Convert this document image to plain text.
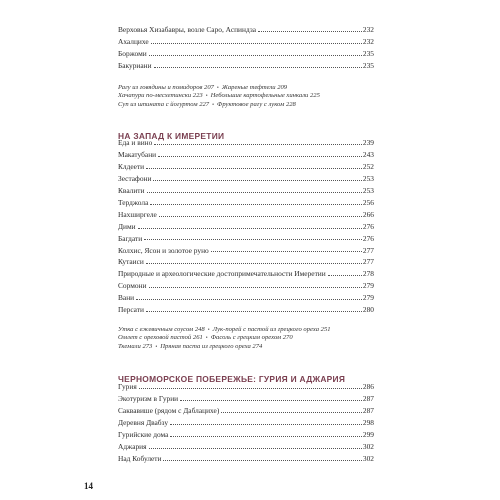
Верховья Хизабавры, возле Саро, Аспиндза	232
Ахалцихе	232
Боржоми	235
Бакуриани	235
Рагу из говядины и помидоров 207 • Жареные тефтели 209
Хачапури по-месхетински 223 • Небольшие картофельные хинкали 225
Суп из шпината с йогуртом 227 • Фруктовое рагу с луком 228
НА ЗАПАД К ИМЕРЕТИИ
Еда и вино	239
Макатубани	243
Клдеети	252
Зестафони	253
Квалити	253
Терджола	256
Нахширгеле	266
Дими	276
Багдати	276
Колхис, Ясон и золотое руно	277
Кутаиси	277
Природные и археологические достопримечательности Имеретии	278
Сормони	279
Вани	279
Персати	280
Утка с ежевичным соусом 248 • Лук-порей с пастой из грецкого ореха 251
Омлет с ореховой пастой 261 • Фасоль с грецким орехом 270
Ткемали 273 • Пряная паста из грецкого ореха 274
ЧЕРНОМОРСКОЕ ПОБЕРЕЖЬЕ: ГУРИЯ И АДЖАРИЯ
Гурия	286
Экотуризм в Гурии	287
Саквавише (рядом с Даблацихе)	287
Деревня Двабзу	298
Гурийские дома	299
Аджария	302
Над Кобулети	302
14
